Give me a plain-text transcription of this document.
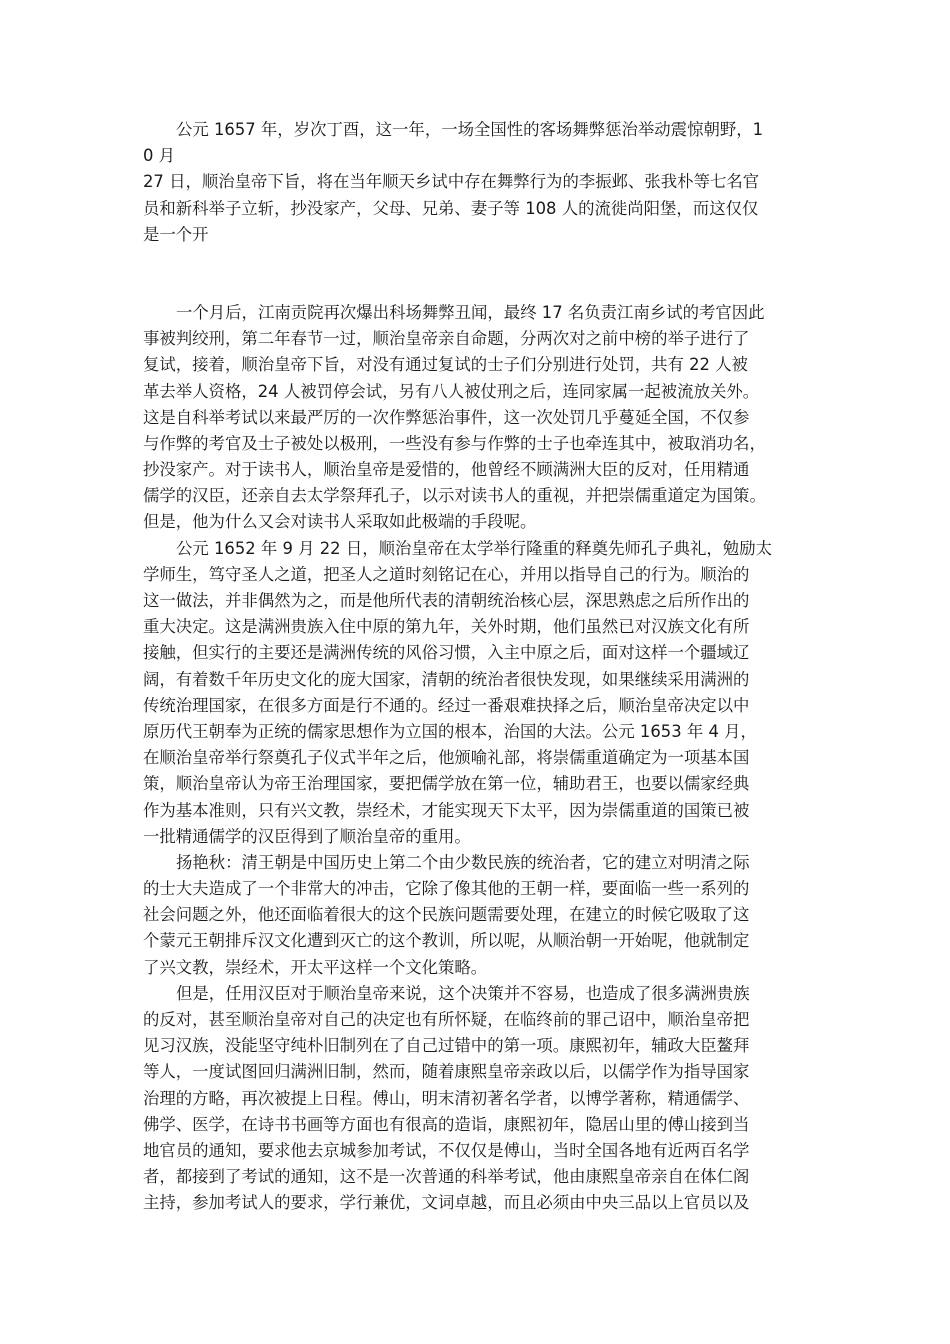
公元 1657 年，岁次丁酉，这一年，一场全国性的客场舞弊惩治举动震惊朝野，1
0 月
27 日，顺治皇帝下旨，将在当年顺天乡试中存在舞弊行为的李振邺、张我朴等七名官
员和新科举子立斩，抄没家产，父母、兄弟、妻子等 108 人的流徙尚阳堡，而这仅仅
是一个开
一个月后，江南贡院再次爆出科场舞弊丑闻，最终 17 名负责江南乡试的考官因此
事被判绞刑，第二年春节一过，顺治皇帝亲自命题，分两次对之前中榜的举子进行了
复试，接着，顺治皇帝下旨，对没有通过复试的士子们分别进行处罚，共有 22 人被
革去举人资格，24 人被罚停会试，另有八人被仗刑之后，连同家属一起被流放关外。
这是自科举考试以来最严厉的一次作弊惩治事件，这一次处罚几乎蔓延全国，不仅参
与作弊的考官及士子被处以极刑，一些没有参与作弊的士子也牵连其中，被取消功名，
抄没家产。对于读书人，顺治皇帝是爱惜的，他曾经不顾满洲大臣的反对，任用精通
儒学的汉臣，还亲自去太学祭拜孔子，以示对读书人的重视，并把崇儒重道定为国策。
但是，他为什么又会对读书人采取如此极端的手段呢。
公元 1652 年 9 月 22 日，顺治皇帝在太学举行隆重的释奠先师孔子典礼，勉励太
学师生，笃守圣人之道，把圣人之道时刻铭记在心，并用以指导自己的行为。顺治的
这一做法，并非偶然为之，而是他所代表的清朝统治核心层，深思熟虑之后所作出的
重大决定。这是满洲贵族入住中原的第九年，关外时期，他们虽然已对汉族文化有所
接触，但实行的主要还是满洲传统的风俗习惯，入主中原之后，面对这样一个疆域辽
阔，有着数千年历史文化的庞大国家，清朝的统治者很快发现，如果继续采用满洲的
传统治理国家，在很多方面是行不通的。经过一番艰难抉择之后，顺治皇帝决定以中
原历代王朝奉为正统的儒家思想作为立国的根本，治国的大法。公元 1653 年 4 月，
在顺治皇帝举行祭奠孔子仪式半年之后，他颁喻礼部，将崇儒重道确定为一项基本国
策，顺治皇帝认为帝王治理国家，要把儒学放在第一位，辅助君王，也要以儒家经典
作为基本准则，只有兴文教，崇经术，才能实现天下太平，因为崇儒重道的国策已被
一批精通儒学的汉臣得到了顺治皇帝的重用。
扬艳秋：清王朝是中国历史上第二个由少数民族的统治者，它的建立对明清之际
的士大夫造成了一个非常大的冲击，它除了像其他的王朝一样，要面临一些一系列的
社会问题之外，他还面临着很大的这个民族问题需要处理，在建立的时候它吸取了这
个蒙元王朝排斥汉文化遭到灭亡的这个教训，所以呢，从顺治朝一开始呢，他就制定
了兴文教，崇经术，开太平这样一个文化策略。
但是，任用汉臣对于顺治皇帝来说，这个决策并不容易，也造成了很多满洲贵族
的反对，甚至顺治皇帝对自己的决定也有所怀疑，在临终前的罪己诏中，顺治皇帝把
见习汉族，没能坚守纯朴旧制列在了自己过错中的第一项。康熙初年，辅政大臣鳌拜
等人，一度试图回归满洲旧制，然而，随着康熙皇帝亲政以后，以儒学作为指导国家
治理的方略，再次被提上日程。傅山，明末清初著名学者，以博学著称，精通儒学、
佛学、医学，在诗书书画等方面也有很高的造诣，康熙初年，隐居山里的傅山接到当
地官员的通知，要求他去京城参加考试，不仅仅是傅山，当时全国各地有近两百名学
者，都接到了考试的通知，这不是一次普通的科举考试，他由康熙皇帝亲自在体仁阁
主持，参加考试人的要求，学行兼优，文词卓越，而且必须由中央三品以上官员以及
